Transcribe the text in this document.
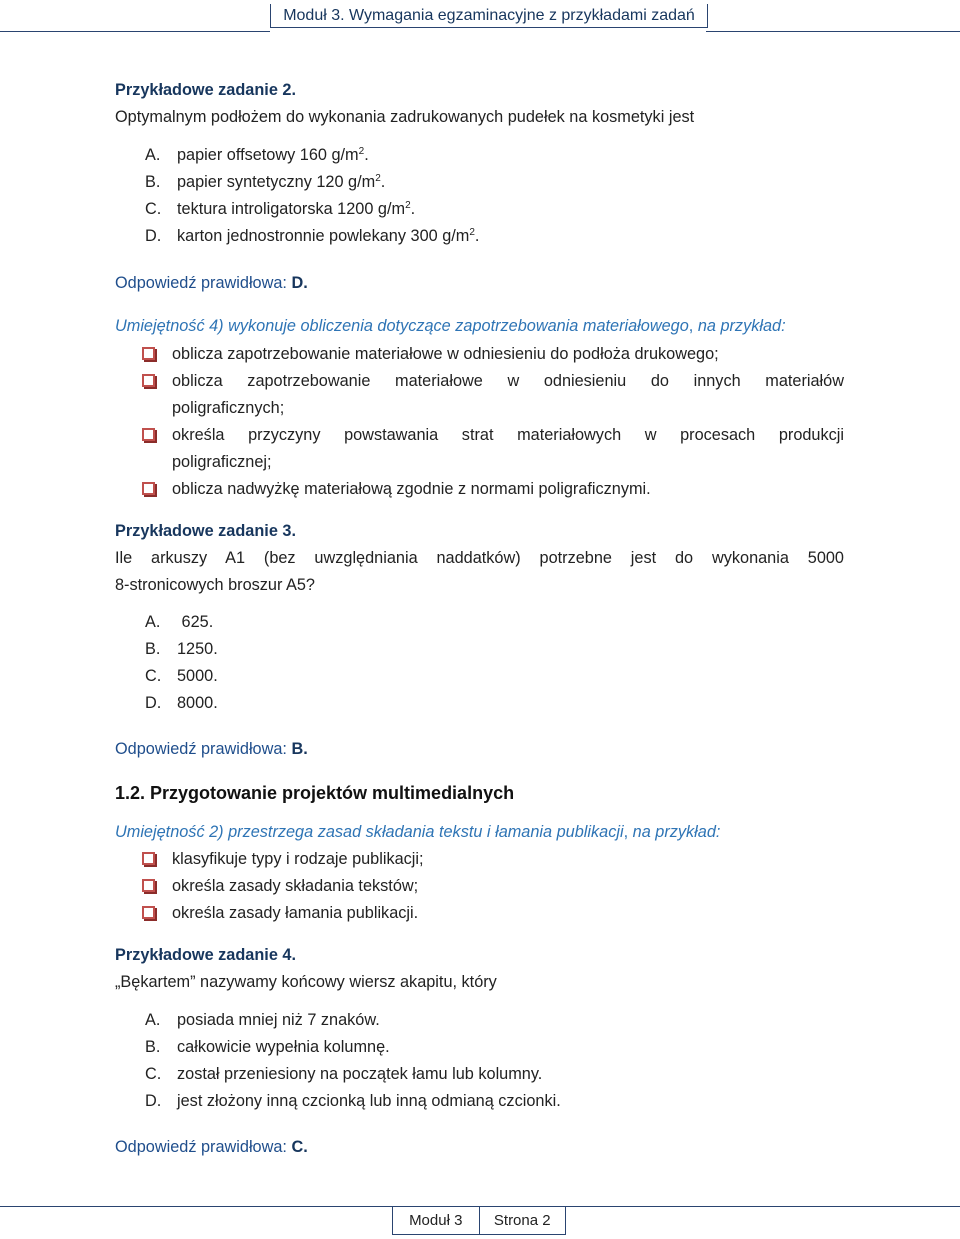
Moduł 3. Wymagania egzaminacyjne z przykładami zadań
Przykładowe zadanie 2.
Optymalnym podłożem do wykonania zadrukowanych pudełek na kosmetyki jest
A. papier offsetowy 160 $g/m^2$.
B. papier syntetyczny 120 $g/m^2$.
C. tektura introligatorska 1200 $g/m^2$.
D. karton jednostronnie powlekany 300 $g/m^2$.
Odpowiedź prawidłowa: D.
Umiejętność 4) wykonuje obliczenia dotyczące zapotrzebowania materiałowego, na przykład:
oblicza zapotrzebowanie materiałowe w odniesieniu do podłoża drukowego;
oblicza zapotrzebowanie materiałowe w odniesieniu do innych materiałów
poligraficznych;
określa przyczyny powstawania strat materiałowych w procesach produkcji
poligraficznej;
oblicza nadwyżkę materiałową zgodnie z normami poligraficznymi.
Przykładowe zadanie 3.
Ile arkuszy A1 (bez uwzględniania naddatków) potrzebne jest do wykonania 5000
8-stronicowych broszur A5?
A. 625.
B. 1250.
C. 5000.
D. 8000.
Odpowiedź prawidłowa: B.
1.2. Przygotowanie projektów multimedialnych
Umiejętność 2) przestrzega zasad składania tekstu i łamania publikacji, na przykład:
klasyfikuje typy i rodzaje publikacji;
określa zasady składania tekstów;
określa zasady łamania publikacji.
Przykładowe zadanie 4.
„Bękartem” nazywamy końcowy wiersz akapitu, który
A. posiada mniej niż 7 znaków.
B. całkowicie wypełnia kolumnę.
C. został przeniesiony na początek łamu lub kolumny.
D. jest złożony inną czcionką lub inną odmianą czcionki.
Odpowiedź prawidłowa: C.
Moduł 3	Strona 2
